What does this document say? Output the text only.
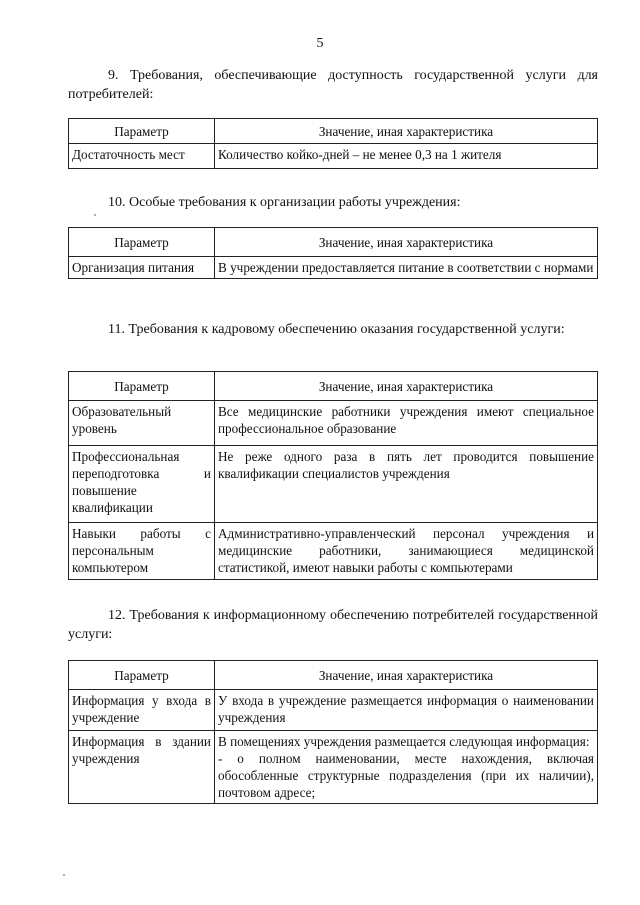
5
9. Требования, обеспечивающие доступность государственной услуги для потребителей:
Параметр	Значение, иная характеристика
Достаточность мест	Количество койко-дней – не менее 0,3 на 1 жителя
10. Особые требования к организации работы учреждения:
Параметр	Значение, иная характеристика
Организация питания	В учреждении предоставляется питание в соответствии с нормами
11. Требования к кадровому обеспечению оказания государственной услуги:
Параметр	Значение, иная характеристика
Образовательный уровень	Все медицинские работники учреждения имеют специальное профессиональное образование
Профессиональная переподготовка и повышение квалификации	Не реже одного раза в пять лет проводится повышение квалификации специалистов учреждения
Навыки работы с персональным компьютером	Административно-управленческий персонал учреждения и медицинские работники, занимающиеся медицинской статистикой, имеют навыки работы с компьютерами
12. Требования к информационному обеспечению потребителей государственной услуги:
Параметр	Значение, иная характеристика
Информация у входа в учреждение	У входа в учреждение размещается информация о наименовании учреждения
Информация в здании учреждения	В помещениях учреждения размещается следующая информация:
- о полном наименовании, месте нахождения, включая обособленные структурные подразделения (при их наличии), почтовом адресе;
